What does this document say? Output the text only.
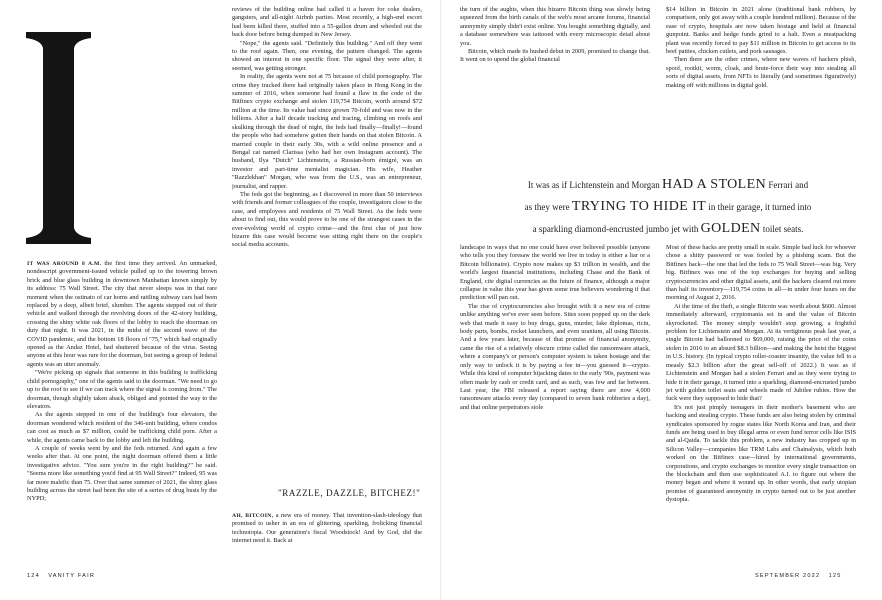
IT WAS AROUND 8 A.M. the first time they arrived. An unmarked, nondescript government-issued vehicle pulled up to the towering brown brick and blue glass building in downtown Manhattan known simply by its address: 75 Wall Street. The city that never sleeps was in that rare moment when the ostinato of car horns and rattling subway cars had been replaced by a deep, albeit brief, slumber. The agents stepped out of their vehicle and walked through the revolving doors of the 42-story building, crossing the shiny white oak floors of the lobby to reach the doorman on duty that night. It was 2021, in the midst of the second wave of the COVID pandemic, and the bottom 18 floors of "75," which had originally opened as the Andaz Hotel, had shuttered because of the virus. Seeing anyone at this hour was rare for the doorman, but seeing a group of federal agents was an utter anomaly.

"We're picking up signals that someone in this building is trafficking child pornography," one of the agents said to the doorman. "We need to go up to the roof to see if we can track where the signal is coming from." The doorman, though slightly taken aback, obliged and pointed the way to the elevators.

As the agents stepped in one of the building's four elevators, the doorman wondered which resident of the 346-unit building, where condos can cost as much as $7 million, could be trafficking child porn. After a while, the agents came back to the lobby and left the building.

A couple of weeks went by and the feds returned. And again a few weeks after that. At one point, the night doorman offered them a little investigative advice. "You sure you're in the right building?" he said. "Seems more like something you'd find at 95 Wall Street?" Indeed, 95 was far more malefic than 75. Over that same summer of 2021, the shiny glass building across the street had been the site of a series of drug busts by the NYPD;

reviews of the building online had called it a haven for coke dealers, gangsters, and all-night Airbnb parties. Most recently, a high-end escort had been killed there, stuffed into a 55-gallon drum and wheeled out the back door before being dumped in New Jersey.

"Nope," the agents said. "Definitely this building." And off they went to the roof again. Then, one evening, the pattern changed. The agents showed an interest in one specific floor. The signal they were after, it seemed, was getting stronger.

In reality, the agents were not at 75 because of child pornography. The crime they tracked there had originally taken place in Hong Kong in the summer of 2016, when someone had found a flaw in the code of the Bitfinex crypto exchange and stolen 119,754 Bitcoin, worth around $72 million at the time. Its value had since grown 70-fold and was now in the billions. After a half decade tracking and tracing, climbing on roofs and skulking through the dead of night, the feds had finally—finally!—found the people who had somehow gotten their hands on that stolen Bitcoin. A married couple in their early 30s, with a wild online presence and a Bengal cat named Clarissa (who had her own Instagram account). The husband, Ilya "Dutch" Lichtenstein, a Russian-born émigré, was an investor and part-time mentalist magician. His wife, Heather "Razzlekhan" Morgan, who was from the U.S., was an entrepreneur, journalist, and rapper.

The feds got the beginning, as I discovered in more than 50 interviews with friends and former colleagues of the couple, investigators close to the case, and employees and residents of 75 Wall Street. As the feds were about to find out, this would prove to be one of the strangest cases in the ever-evolving world of crypto crime—and the first clue of just how bizarre this case would become was sitting right there on the couple's social media accounts.

"RAZZLE, DAZZLE, BITCHEZ!"

AH, BITCOIN, a new era of money. That invention-slash-ideology that promised to usher in an era of glittering, sparkling, frolicking financial technotopia. Our generation's fiscal Woodstock! And by God, did the internet need it. Back at

124 VANITY FAIR

the turn of the aughts, when this bizarre Bitcoin thing was slowly being squeezed from the birth canals of the web's most arcane forums, financial anonymity simply didn't exist online. You bought something digitally, and a database somewhere was tattooed with every microscopic detail about you.

Bitcoin, which made its hushed debut in 2009, promised to change that. It went on to upend the global financial

$14 billion in Bitcoin in 2021 alone (traditional bank robbers, by comparison, only got away with a couple hundred million). Because of the ease of crypto, hospitals are now taken hostage and held at financial gunpoint. Banks and hedge funds grind to a halt. Even a meatpacking plant was recently forced to pay $11 million in Bitcoin to get access to its beef patties, chicken cutlets, and pork sausages.

Then there are the other crimes, where new waves of hackers phish, spoof, rootkit, worm, cloak, and brute-force their way into stealing all sorts of digital assets, from NFTs to literally (and sometimes figuratively) making off with millions in digital gold.

It was as if Lichtenstein and Morgan HAD A STOLEN Ferrari and
as they were TRYING TO HIDE IT in their garage, it turned into
a sparkling diamond-encrusted jumbo jet with GOLDEN toilet seats.

landscape in ways that no one could have ever believed possible (anyone who tells you they foresaw the world we live in today is either a liar or a Bitcoin billionaire). Crypto now makes up $3 trillion in wealth, and the world's largest financial institutions, including Chase and the Bank of England, cite digital currencies as the future of finance, although a major collapse in value this year has given some true believers wondering if that prediction will pan out.

The rise of cryptocurrencies also brought with it a new era of crime unlike anything we've ever seen before. Sites soon popped up on the dark web that made it easy to buy drugs, guns, murder, fake diplomas, ricin, body parts, bombs, rocket launchers, and even uranium, all using Bitcoin. And a few years later, because of that promise of financial anonymity, came the rise of a relatively obscure crime called the ransomware attack, where a company's or person's computer system is taken hostage and the only way to unlock it is by paying a fee in—you guessed it—crypto. While this kind of computer hijacking dates to the early '90s, payment was often made by cash or credit card, and as such, was few and far between. Last year, the FBI released a report saying there are now 4,000 ransomware attacks every day (compared to seven bank robberies a day), and that online perpetrators stole

Most of these hacks are pretty small in scale. Simple bad luck for whoever chose a shitty password or was fooled by a phishing scam. But the Bitfinex hack—the one that led the feds to 75 Wall Street—was big. Very big. Bitfinex was one of the top exchanges for buying and selling cryptocurrencies and other digital assets, and the hackers cleared out more than half its inventory—119,754 coins in all—in under four hours on the morning of August 2, 2016.

At the time of the theft, a single Bitcoin was worth about $600. Almost immediately afterward, cryptomania set in and the value of Bitcoin skyrocketed. The money simply wouldn't stop growing, a frightful problem for Lichtenstein and Morgan. At its vertiginous peak last year, a single Bitcoin had ballooned to $69,000, raising the price of the coins stolen in 2016 to an absurd $8.3 billion—and making the heist the biggest in U.S. history. (In typical crypto roller-coaster insanity, the value fell to a measly $2.3 billion after the great sell-off of 2022.) It was as if Lichtenstein and Morgan had a stolen Ferrari and as they were trying to hide it in their garage, it turned into a sparkling, diamond-encrusted jumbo jet with golden toilet seats and wheels made of Jubilee rubies. How the fuck were they supposed to hide that?

It's not just pimply teenagers in their mother's basement who are hacking and stealing crypto. These funds are also being stolen by criminal syndicates sponsored by rogue states like North Korea and Iran, and their funds are being used to buy illegal arms or even fund terror cells like ISIS and al-Qaida. To tackle this problem, a new industry has cropped up in Silicon Valley—companies like TRM Labs and Chainalysis, which both worked on the Bitfinex case—hired by international governments, corporations, and crypto exchanges to monitor every single transaction on the blockchain and then use sophisticated A.I. to figure out where the money began and where it wound up. In other words, that early utopian promise of guaranteed anonymity in crypto turned out to be just another dystopia.

SEPTEMBER 2022 125
